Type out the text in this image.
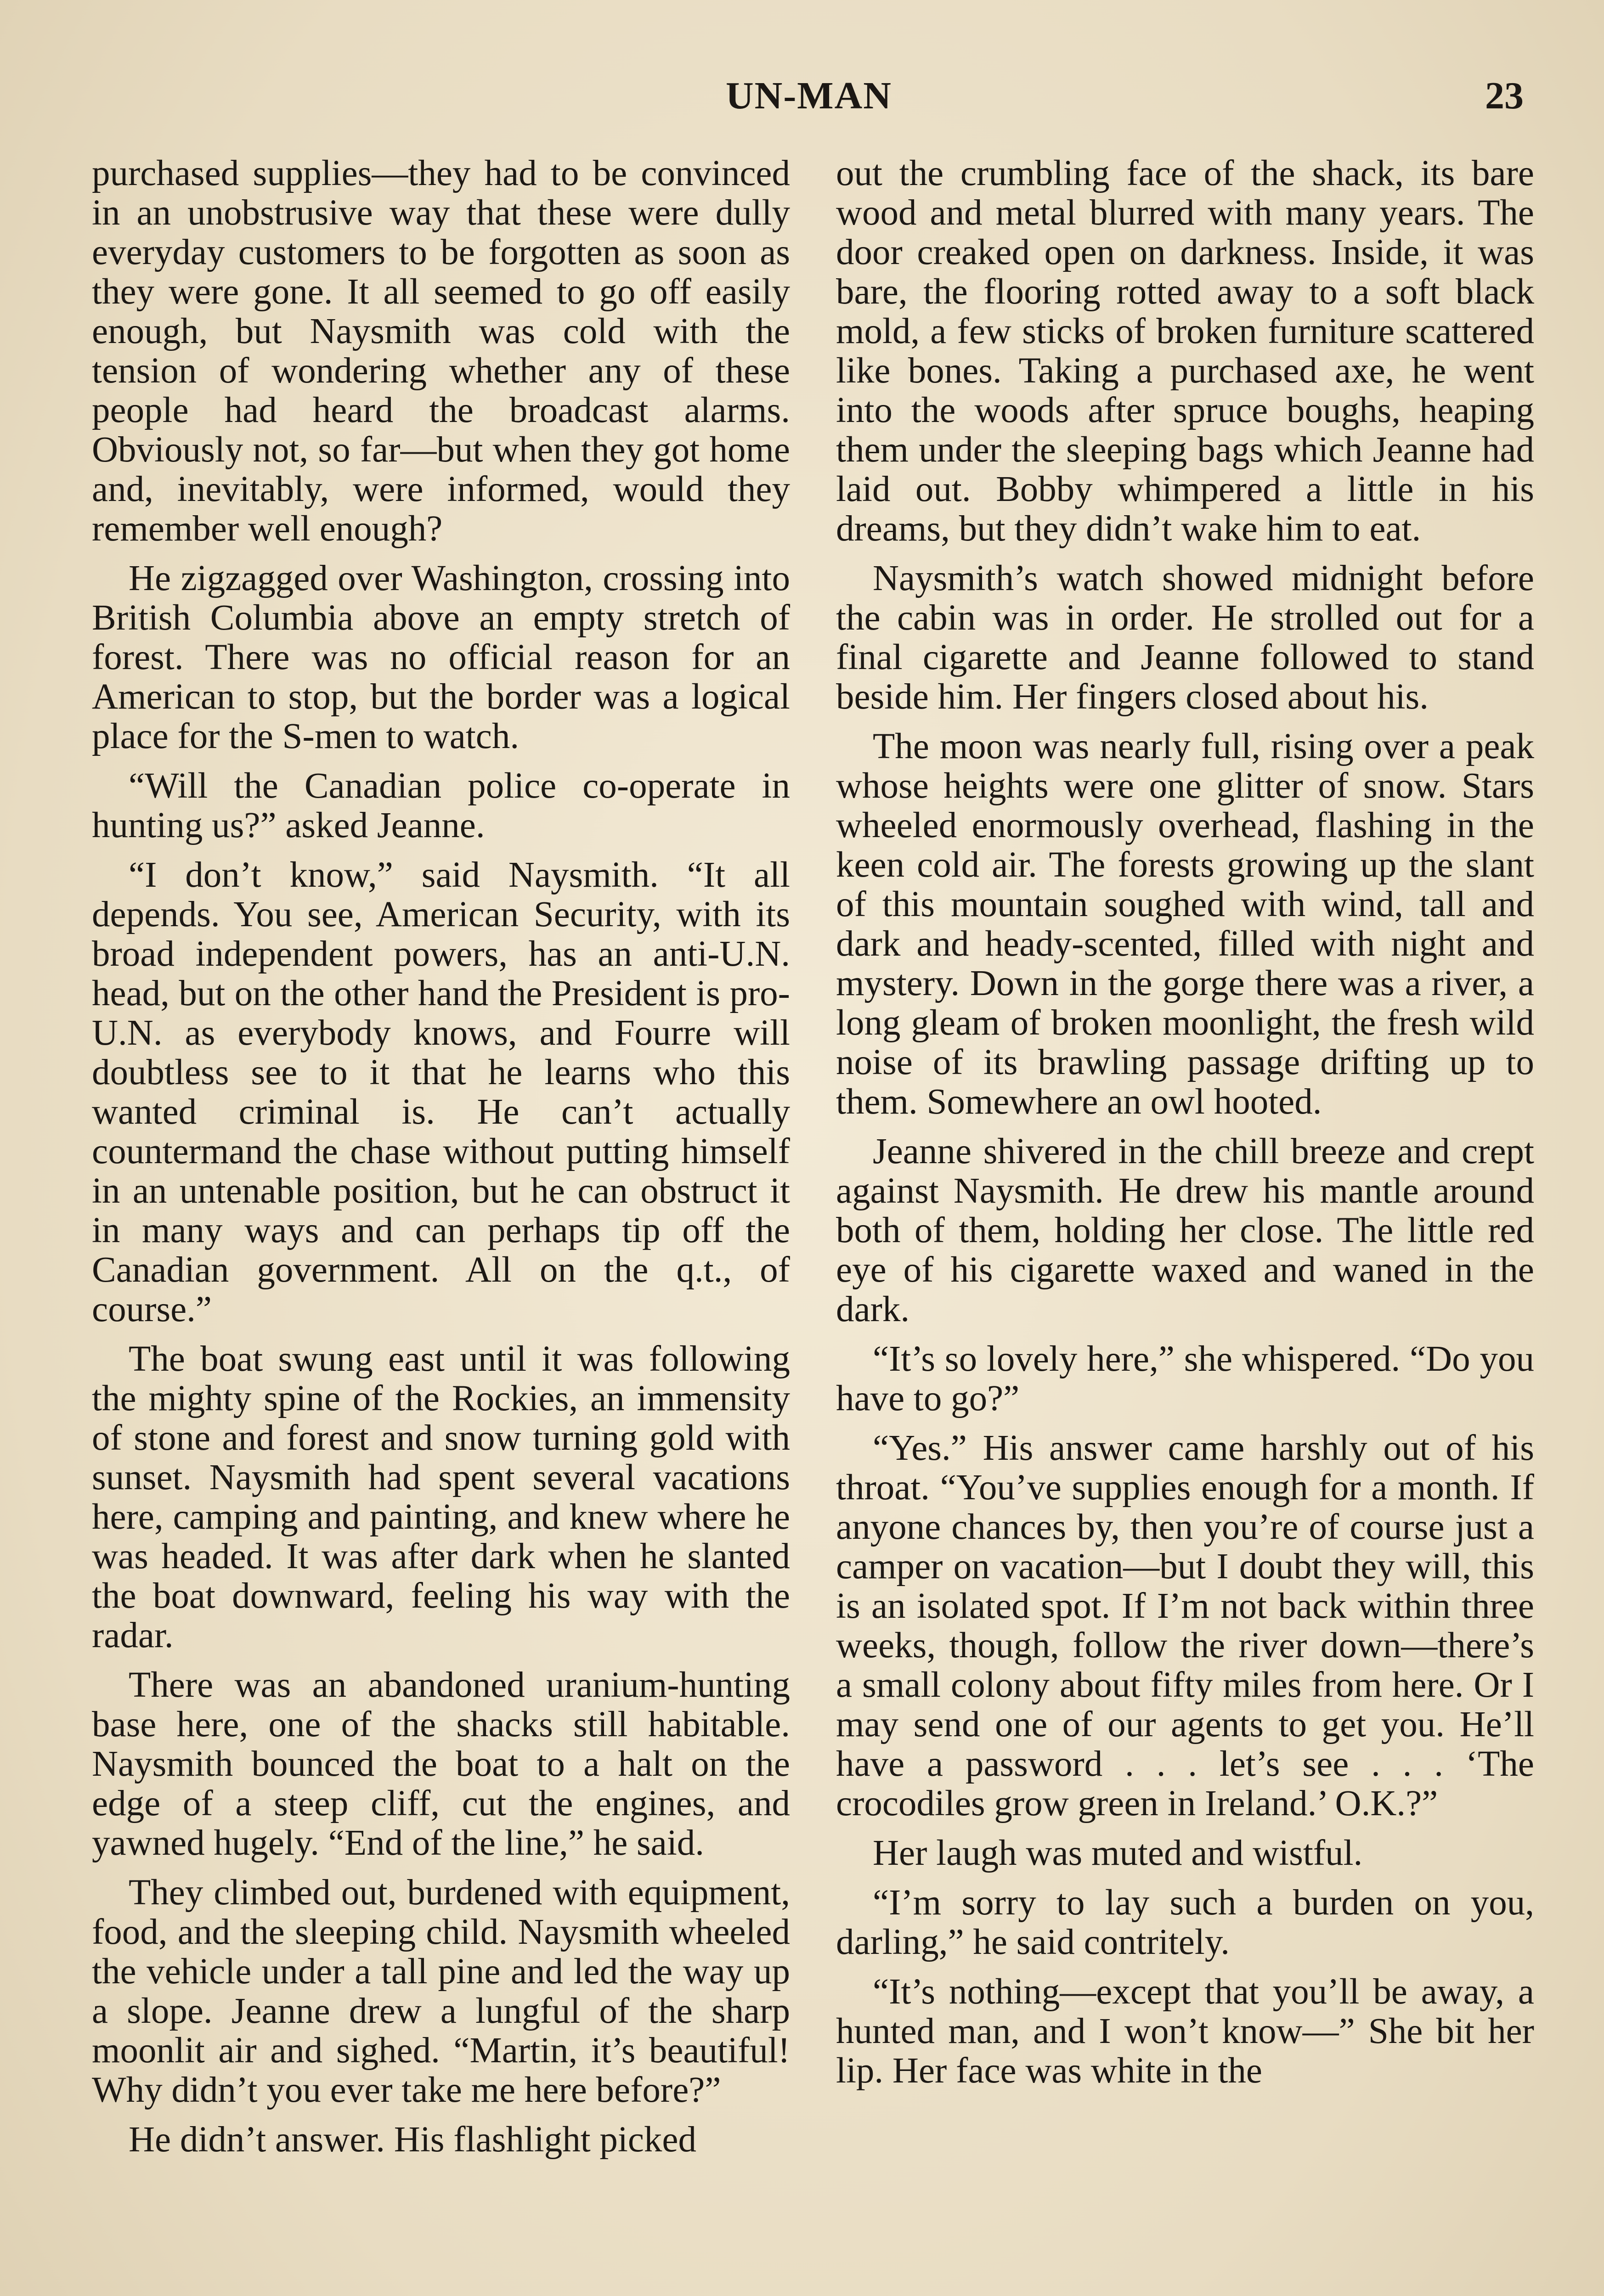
UN-MAN	23

purchased supplies—they had to be convinced in an unobstrusive way that these were dully everyday customers to be forgotten as soon as they were gone. It all seemed to go off easily enough, but Naysmith was cold with the tension of wondering whether any of these people had heard the broadcast alarms. Obviously not, so far—but when they got home and, inevitably, were informed, would they remember well enough?

He zigzagged over Washington, crossing into British Columbia above an empty stretch of forest. There was no official reason for an American to stop, but the border was a logical place for the S-men to watch.

“Will the Canadian police co-operate in hunting us?” asked Jeanne.

“I don’t know,” said Naysmith. “It all depends. You see, American Security, with its broad independent powers, has an anti-U.N. head, but on the other hand the President is pro-U.N. as everybody knows, and Fourre will doubtless see to it that he learns who this wanted criminal is. He can’t actually countermand the chase without putting himself in an untenable position, but he can obstruct it in many ways and can perhaps tip off the Canadian government. All on the q.t., of course.”

The boat swung east until it was following the mighty spine of the Rockies, an immensity of stone and forest and snow turning gold with sunset. Naysmith had spent several vacations here, camping and painting, and knew where he was headed. It was after dark when he slanted the boat downward, feeling his way with the radar.

There was an abandoned uranium-hunting base here, one of the shacks still habitable. Naysmith bounced the boat to a halt on the edge of a steep cliff, cut the engines, and yawned hugely. “End of the line,” he said.

They climbed out, burdened with equipment, food, and the sleeping child. Naysmith wheeled the vehicle under a tall pine and led the way up a slope. Jeanne drew a lungful of the sharp moonlit air and sighed. “Martin, it’s beautiful! Why didn’t you ever take me here before?”

He didn’t answer. His flashlight picked

out the crumbling face of the shack, its bare wood and metal blurred with many years. The door creaked open on darkness. Inside, it was bare, the flooring rotted away to a soft black mold, a few sticks of broken furniture scattered like bones. Taking a purchased axe, he went into the woods after spruce boughs, heaping them under the sleeping bags which Jeanne had laid out. Bobby whimpered a little in his dreams, but they didn’t wake him to eat.

Naysmith’s watch showed midnight before the cabin was in order. He strolled out for a final cigarette and Jeanne followed to stand beside him. Her fingers closed about his.

The moon was nearly full, rising over a peak whose heights were one glitter of snow. Stars wheeled enormously overhead, flashing in the keen cold air. The forests growing up the slant of this mountain soughed with wind, tall and dark and heady-scented, filled with night and mystery. Down in the gorge there was a river, a long gleam of broken moonlight, the fresh wild noise of its brawling passage drifting up to them. Somewhere an owl hooted.

Jeanne shivered in the chill breeze and crept against Naysmith. He drew his mantle around both of them, holding her close. The little red eye of his cigarette waxed and waned in the dark.

“It’s so lovely here,” she whispered. “Do you have to go?”

“Yes.” His answer came harshly out of his throat. “You’ve supplies enough for a month. If anyone chances by, then you’re of course just a camper on vacation—but I doubt they will, this is an isolated spot. If I’m not back within three weeks, though, follow the river down—there’s a small colony about fifty miles from here. Or I may send one of our agents to get you. He’ll have a password . . . let’s see . . . ‘The crocodiles grow green in Ireland.’ O.K.?”

Her laugh was muted and wistful.

“I’m sorry to lay such a burden on you, darling,” he said contritely.

“It’s nothing—except that you’ll be away, a hunted man, and I won’t know—” She bit her lip. Her face was white in the
